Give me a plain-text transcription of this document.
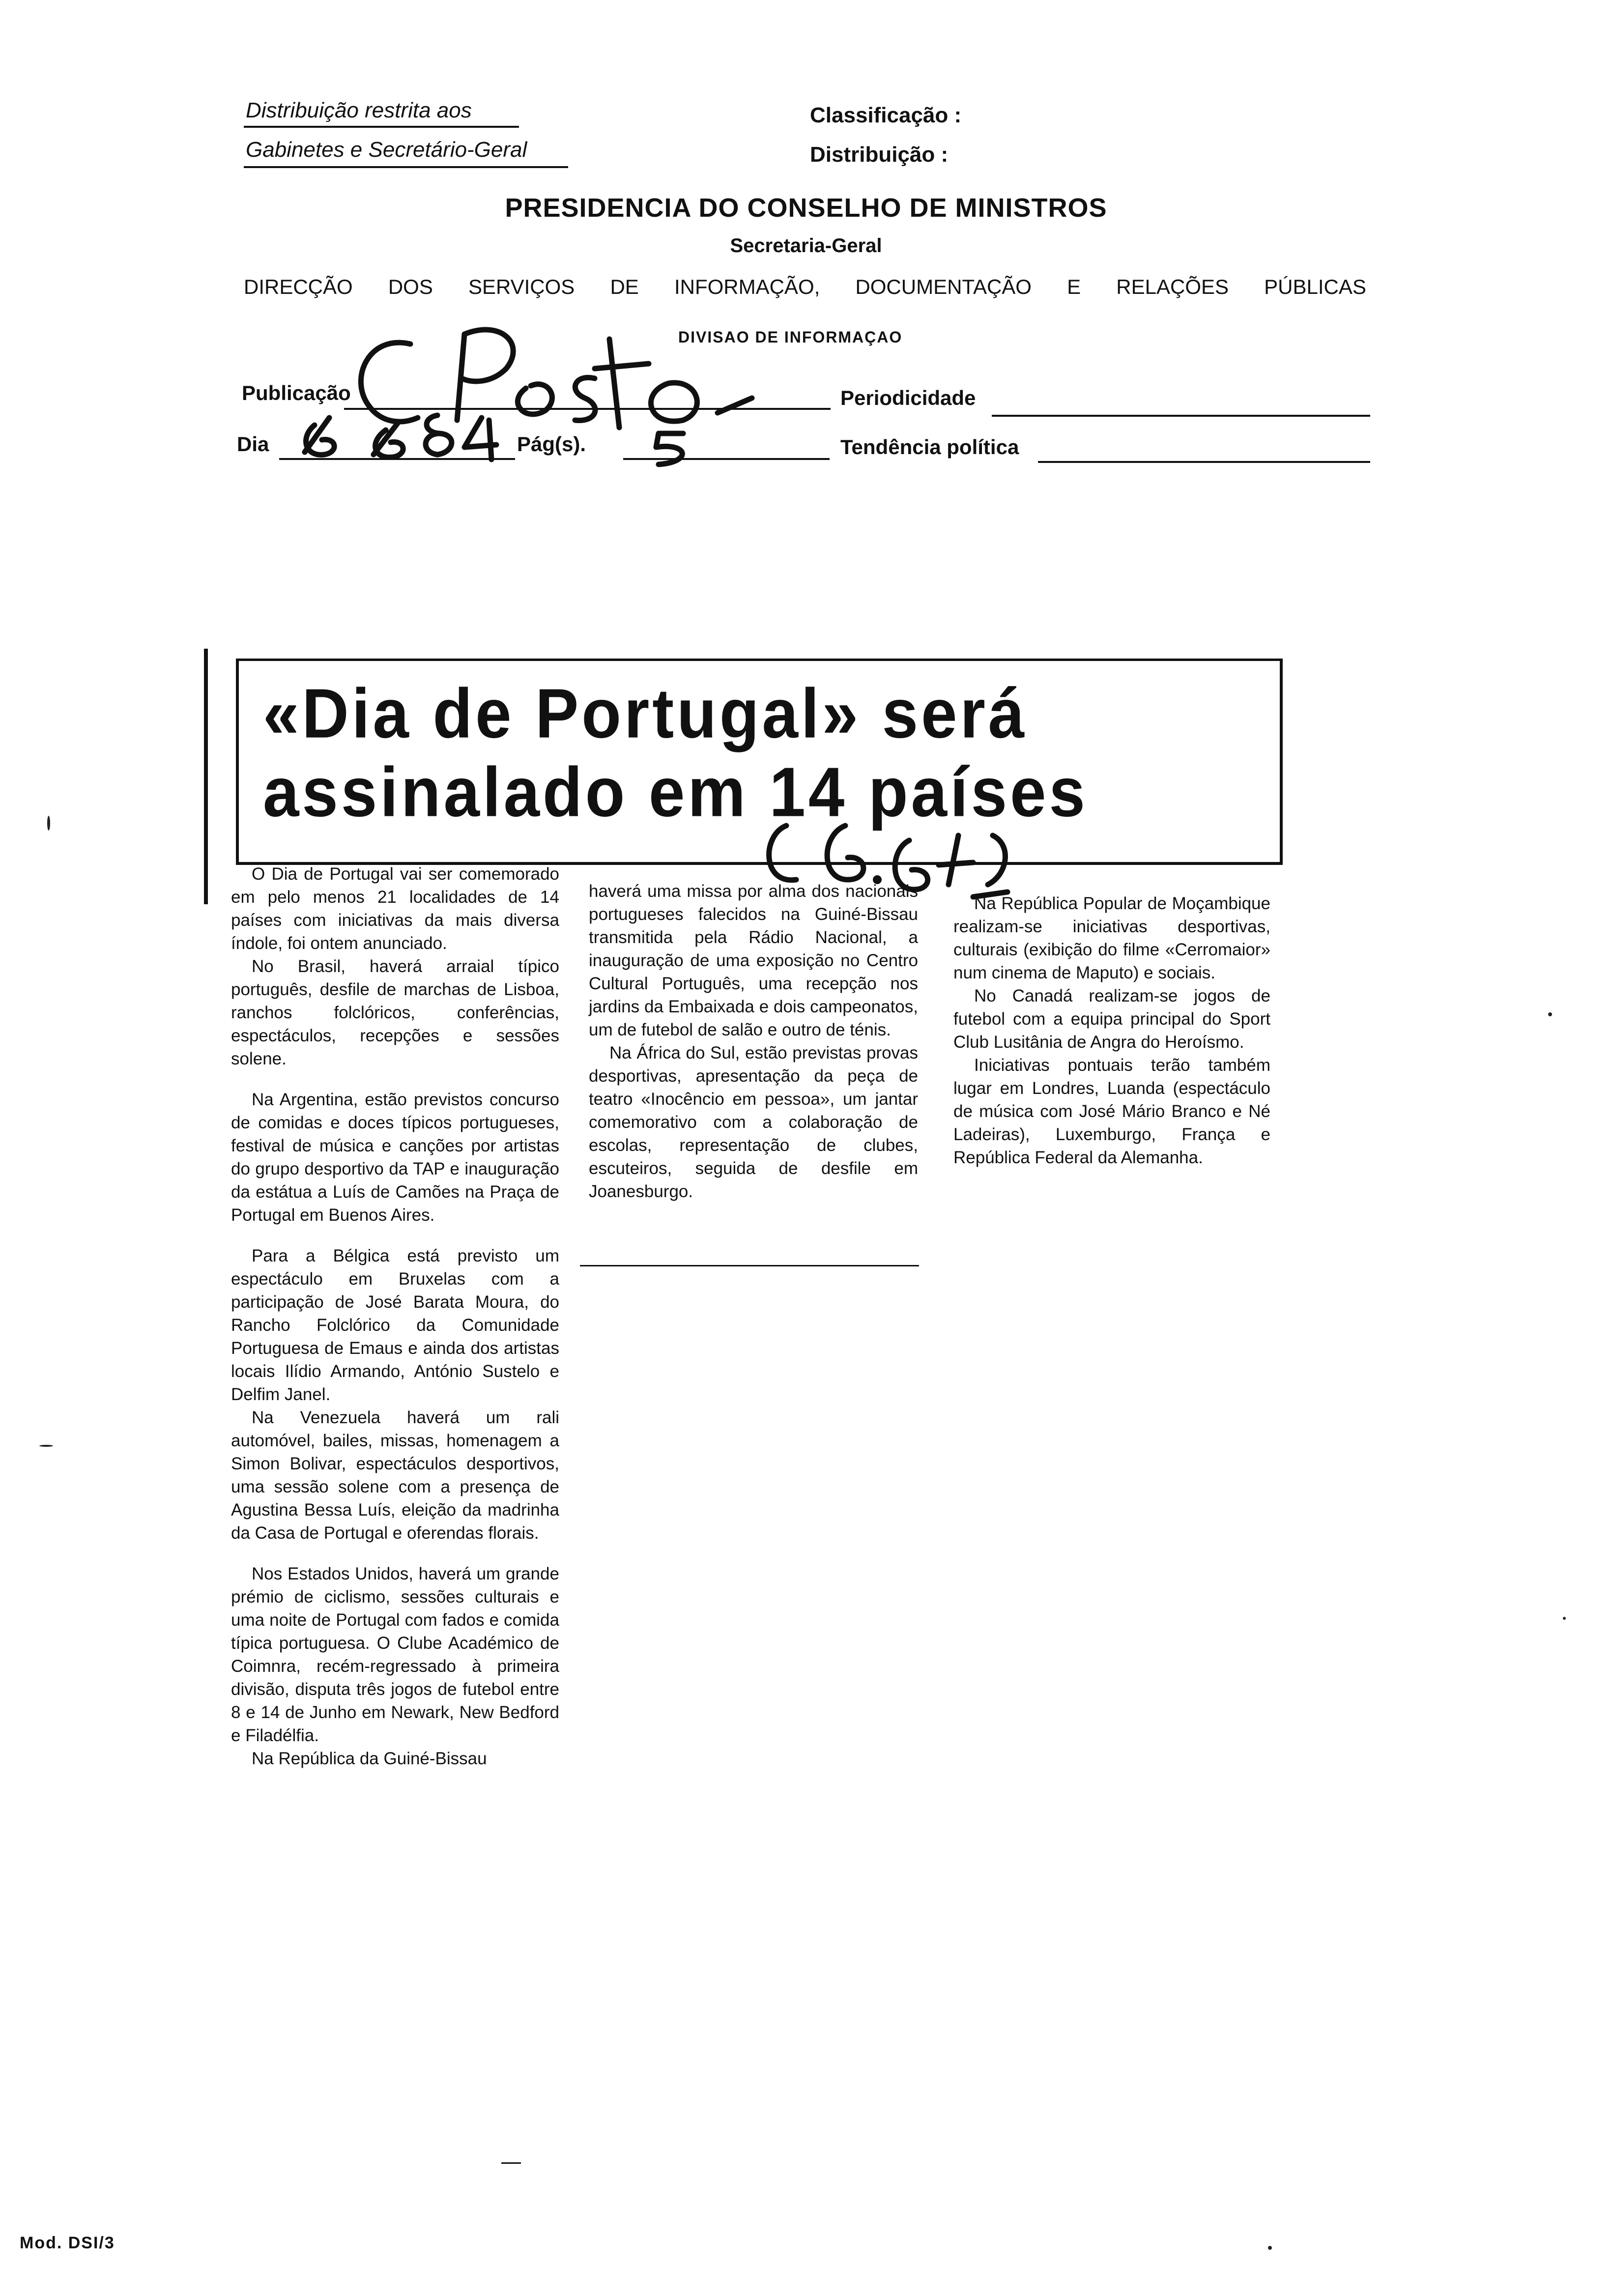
Distribuição restrita aos
Gabinetes e Secretário-Geral
Classificação :
Distribuição :
PRESIDENCIA DO CONSELHO DE MINISTROS
Secretaria-Geral
DIRECÇÃO DOS SERVIÇOS DE INFORMAÇÃO, DOCUMENTAÇÃO E RELAÇÕES PÚBLICAS
DIVISAO DE INFORMAÇAO
Publicação	Periodicidade
Dia	Pág(s).	Tendência política
«Dia de Portugal» será
assinalado em 14 países

O Dia de Portugal vai ser comemorado em pelo menos 21 localidades de 14 países com iniciativas da mais diversa índole, foi ontem anunciado.

No Brasil, haverá arraial típico português, desfile de marchas de Lisboa, ranchos folclóricos, conferências, espectáculos, recepções e sessões solene.

Na Argentina, estão previstos concurso de comidas e doces típicos portugueses, festival de música e canções por artistas do grupo desportivo da TAP e inauguração da estátua a Luís de Camões na Praça de Portugal em Buenos Aires.

Para a Bélgica está previsto um espectáculo em Bruxelas com a participação de José Barata Moura, do Rancho Folclórico da Comunidade Portuguesa de Emaus e ainda dos artistas locais Ilídio Armando, António Sustelo e Delfim Janel.

Na Venezuela haverá um rali automóvel, bailes, missas, homenagem a Simon Bolivar, espectáculos desportivos, uma sessão solene com a presença de Agustina Bessa Luís, eleição da madrinha da Casa de Portugal e oferendas florais.

Nos Estados Unidos, haverá um grande prémio de ciclismo, sessões culturais e uma noite de Portugal com fados e comida típica portuguesa. O Clube Académico de Coimnra, recém-regressado à primeira divisão, disputa três jogos de futebol entre 8 e 14 de Junho em Newark, New Bedford e Filadélfia.

Na República da Guiné-Bissau

haverá uma missa por alma dos nacionais portugueses falecidos na Guiné-Bissau transmitida pela Rádio Nacional, a inauguração de uma exposição no Centro Cultural Português, uma recepção nos jardins da Embaixada e dois campeonatos, um de futebol de salão e outro de ténis.

Na África do Sul, estão previstas provas desportivas, apresentação da peça de teatro «Inocêncio em pessoa», um jantar comemorativo com a colaboração de escolas, representação de clubes, escuteiros, seguida de desfile em Joanesburgo.

Na República Popular de Moçambique realizam-se iniciativas desportivas, culturais (exibição do filme «Cerromaior» num cinema de Maputo) e sociais.

No Canadá realizam-se jogos de futebol com a equipa principal do Sport Club Lusitânia de Angra do Heroísmo.

Iniciativas pontuais terão também lugar em Londres, Luanda (espectáculo de música com José Mário Branco e Né Ladeiras), Luxemburgo, França e República Federal da Alemanha.

Mod. DSI/3
